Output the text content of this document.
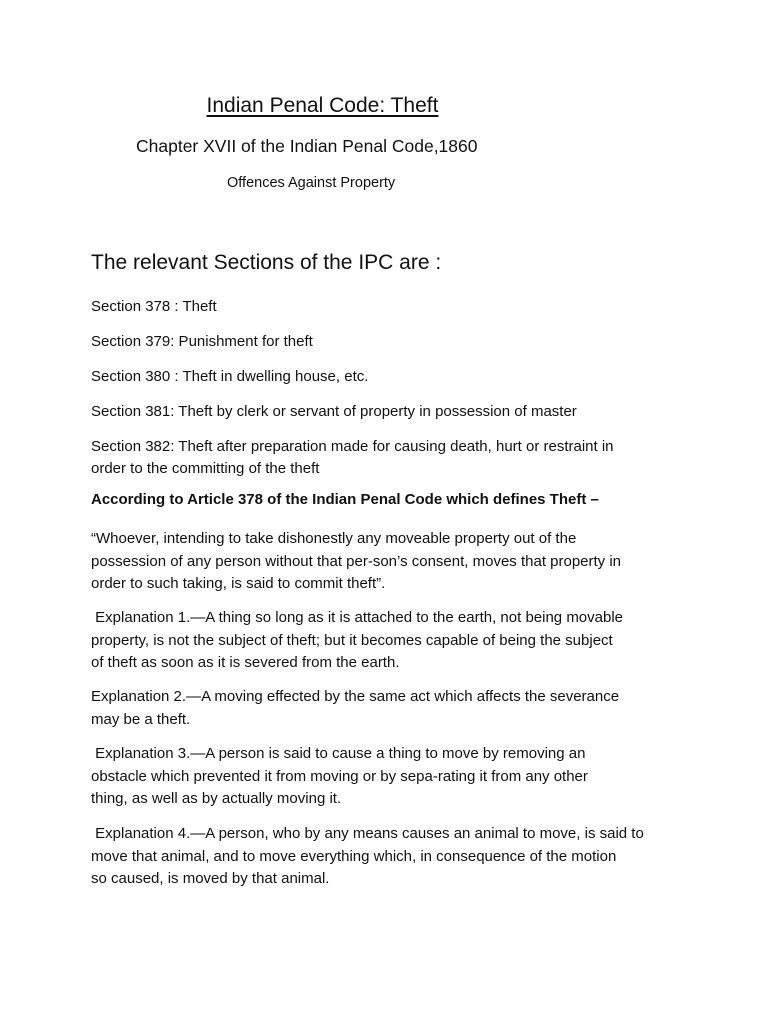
Indian Penal Code: Theft
Chapter XVII of the Indian Penal Code,1860
Offences Against Property
The relevant Sections of the IPC are :
Section 378 : Theft
Section 379: Punishment for theft
Section 380 : Theft in dwelling house, etc.
Section 381: Theft by clerk or servant of property in possession of master
Section 382: Theft after preparation made for causing death, hurt or restraint in
order to the committing of the theft
According to Article 378 of the Indian Penal Code which defines Theft –
“Whoever, intending to take dishonestly any moveable property out of the
possession of any person without that per-son’s consent, moves that property in
order to such taking, is said to commit theft”.
Explanation 1.—A thing so long as it is attached to the earth, not being movable
property, is not the subject of theft; but it becomes capable of being the subject
of theft as soon as it is severed from the earth.
Explanation 2.—A moving effected by the same act which affects the severance
may be a theft.
Explanation 3.—A person is said to cause a thing to move by removing an
obstacle which prevented it from moving or by sepa-rating it from any other
thing, as well as by actually moving it.
Explanation 4.—A person, who by any means causes an animal to move, is said to
move that animal, and to move everything which, in consequence of the motion
so caused, is moved by that animal.
